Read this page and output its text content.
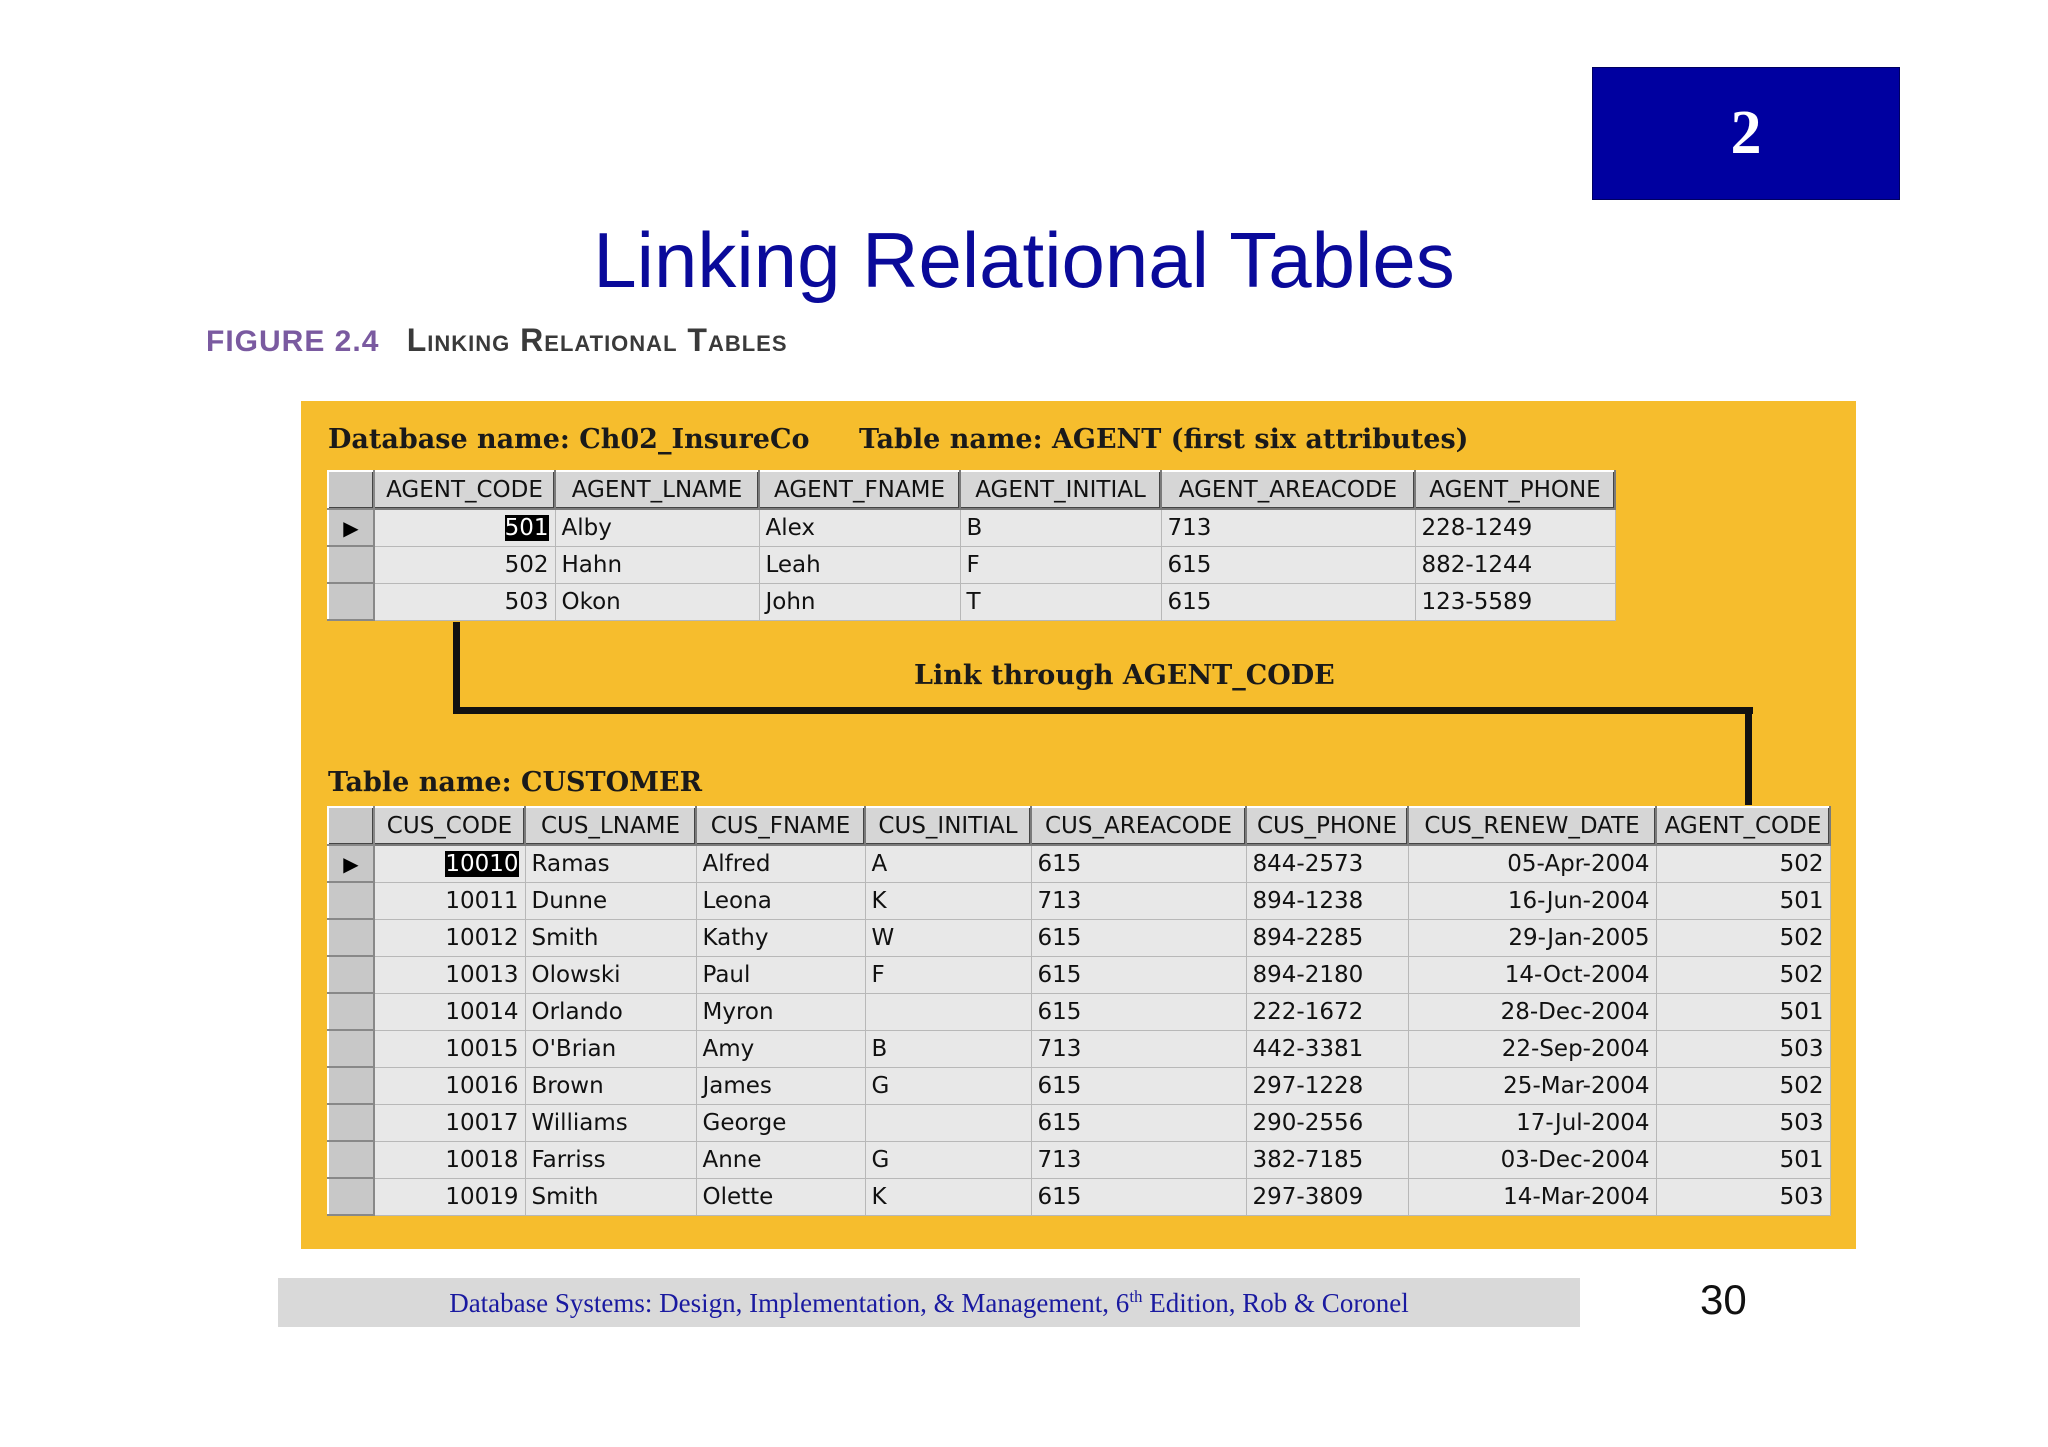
2
Linking Relational Tables
FIGURE 2.4 Linking Relational Tables
Database name: Ch02_InsureCo Table name: AGENT (first six attributes)
	AGENT_CODE	AGENT_LNAME	AGENT_FNAME	AGENT_INITIAL	AGENT_AREACODE	AGENT_PHONE
▶	501	Alby	Alex	B	713	228-1249
	502	Hahn	Leah	F	615	882-1244
	503	Okon	John	T	615	123-5589
Link through AGENT_CODE
Table name: CUSTOMER
	CUS_CODE	CUS_LNAME	CUS_FNAME	CUS_INITIAL	CUS_AREACODE	CUS_PHONE	CUS_RENEW_DATE	AGENT_CODE
▶	10010	Ramas	Alfred	A	615	844-2573	05-Apr-2004	502
	10011	Dunne	Leona	K	713	894-1238	16-Jun-2004	501
	10012	Smith	Kathy	W	615	894-2285	29-Jan-2005	502
	10013	Olowski	Paul	F	615	894-2180	14-Oct-2004	502
	10014	Orlando	Myron		615	222-1672	28-Dec-2004	501
	10015	O'Brian	Amy	B	713	442-3381	22-Sep-2004	503
	10016	Brown	James	G	615	297-1228	25-Mar-2004	502
	10017	Williams	George		615	290-2556	17-Jul-2004	503
	10018	Farriss	Anne	G	713	382-7185	03-Dec-2004	501
	10019	Smith	Olette	K	615	297-3809	14-Mar-2004	503
Database Systems: Design, Implementation, & Management, 6th Edition, Rob & Coronel	30
